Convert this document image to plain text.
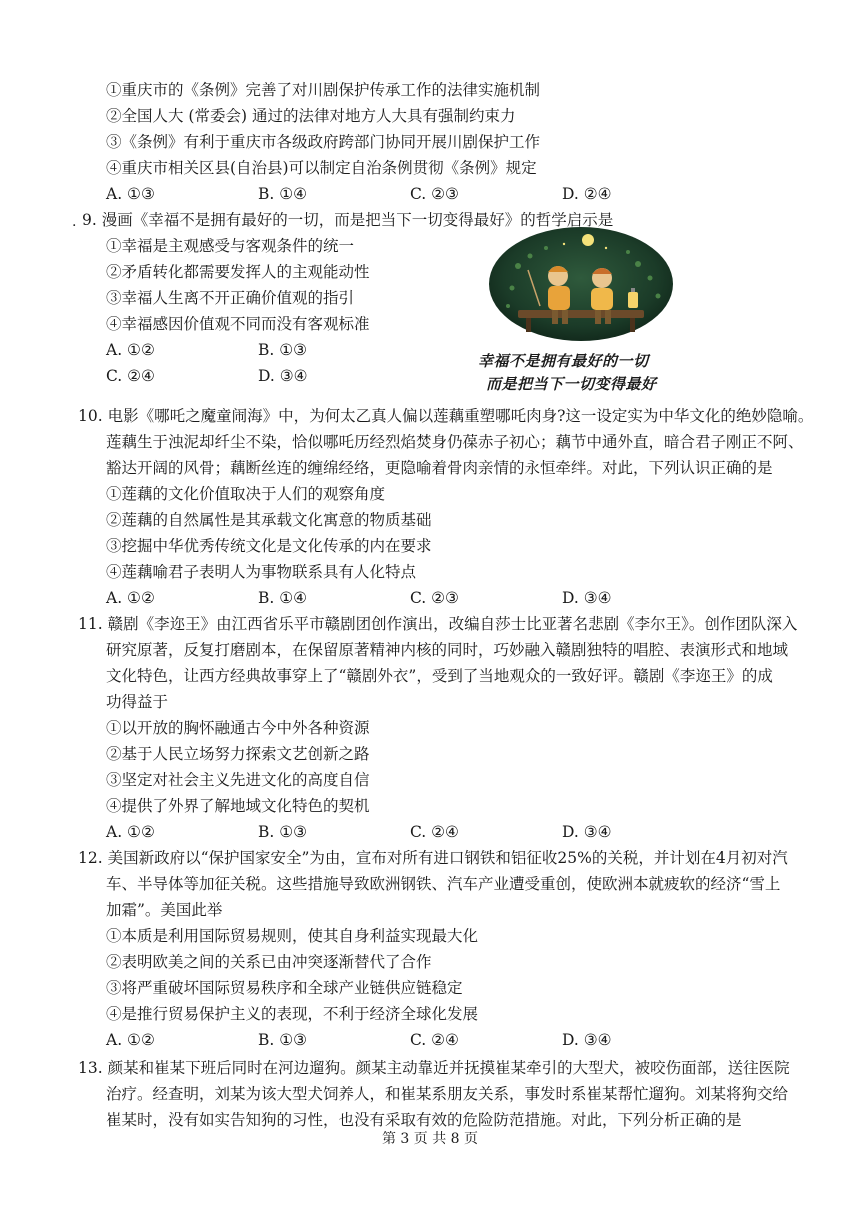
①重庆市的《条例》完善了对川剧保护传承工作的法律实施机制
②全国人大 (常委会) 通过的法律对地方人大具有强制约束力
③《条例》有利于重庆市各级政府跨部门协同开展川剧保护工作
④重庆市相关区县(自治县)可以制定自治条例贯彻《条例》规定
A. ①③	B. ①④	C. ②③	D. ②④
. 9. 漫画《幸福不是拥有最好的一切，而是把当下一切变得最好》的哲学启示是
①幸福是主观感受与客观条件的统一
②矛盾转化都需要发挥人的主观能动性
③幸福人生离不开正确价值观的指引
④幸福感因价值观不同而没有客观标准
A. ①②	B. ①③
C. ②④	D. ③④
幸福不是拥有最好的一切
而是把当下一切变得最好
10. 电影《哪吒之魔童闹海》中，为何太乙真人偏以莲藕重塑哪吒肉身?这一设定实为中华文化的绝妙隐喻。
莲藕生于浊泥却纤尘不染，恰似哪吒历经烈焰焚身仍葆赤子初心；藕节中通外直，暗合君子刚正不阿、
豁达开阔的风骨；藕断丝连的缠绵经络，更隐喻着骨肉亲情的永恒牵绊。对此，下列认识正确的是
①莲藕的文化价值取决于人们的观察角度
②莲藕的自然属性是其承载文化寓意的物质基础
③挖掘中华优秀传统文化是文化传承的内在要求
④莲藕喻君子表明人为事物联系具有人化特点
A. ①②	B. ①④	C. ②③	D. ③④
11. 赣剧《李迩王》由江西省乐平市赣剧团创作演出，改编自莎士比亚著名悲剧《李尔王》。创作团队深入
研究原著，反复打磨剧本，在保留原著精神内核的同时，巧妙融入赣剧独特的唱腔、表演形式和地域
文化特色，让西方经典故事穿上了“赣剧外衣”，受到了当地观众的一致好评。赣剧《李迩王》的成
功得益于
①以开放的胸怀融通古今中外各种资源
②基于人民立场努力探索文艺创新之路
③坚定对社会主义先进文化的高度自信
④提供了外界了解地域文化特色的契机
A. ①②	B. ①③	C. ②④	D. ③④
12. 美国新政府以“保护国家安全”为由，宣布对所有进口钢铁和铝征收25%的关税，并计划在4月初对汽
车、半导体等加征关税。这些措施导致欧洲钢铁、汽车产业遭受重创，使欧洲本就疲软的经济“雪上
加霜”。美国此举
①本质是利用国际贸易规则，使其自身利益实现最大化
②表明欧美之间的关系已由冲突逐渐替代了合作
③将严重破坏国际贸易秩序和全球产业链供应链稳定
④是推行贸易保护主义的表现，不利于经济全球化发展
A. ①②	B. ①③	C. ②④	D. ③④
13. 颜某和崔某下班后同时在河边遛狗。颜某主动靠近并抚摸崔某牵引的大型犬，被咬伤面部，送往医院
治疗。经查明，刘某为该大型犬饲养人，和崔某系朋友关系，事发时系崔某帮忙遛狗。刘某将狗交给
崔某时，没有如实告知狗的习性，也没有采取有效的危险防范措施。对此，下列分析正确的是
第 3 页 共 8 页
